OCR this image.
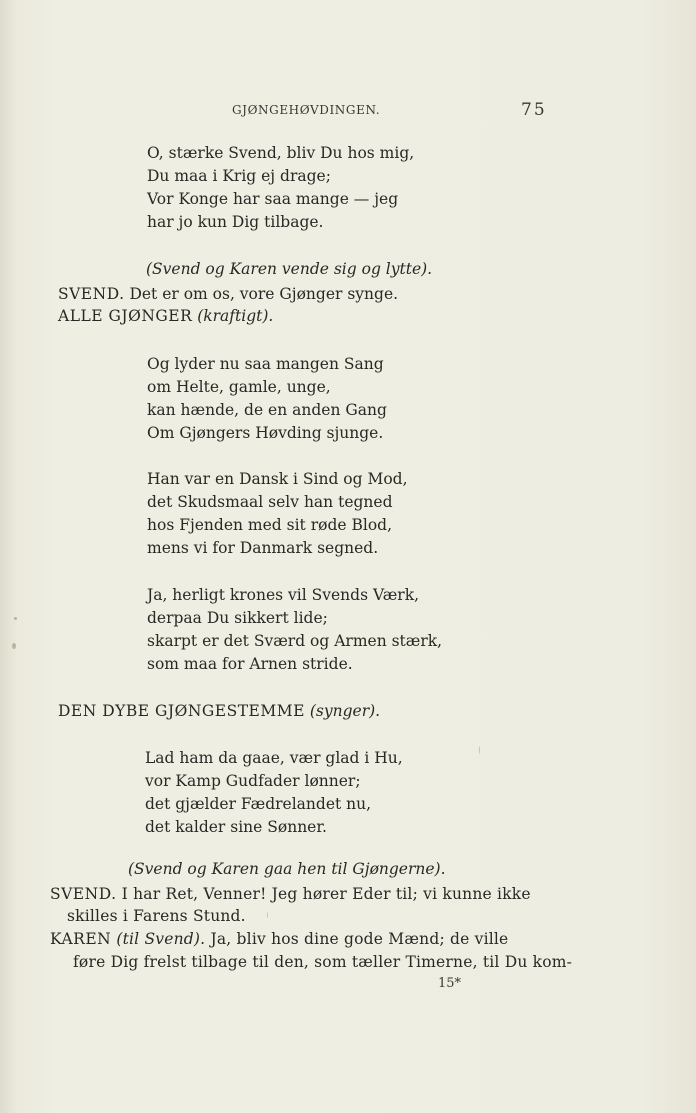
GJØNGEHØVDINGEN.	75
O, stærke Svend, bliv Du hos mig,
Du maa i Krig ej drage;
Vor Konge har saa mange — jeg
har jo kun Dig tilbage.
(Svend og Karen vende sig og lytte).
SVEND. Det er om os, vore Gjønger synge.
ALLE GJØNGER (kraftigt).
Og lyder nu saa mangen Sang
om Helte, gamle, unge,
kan hænde, de en anden Gang
Om Gjøngers Høvding sjunge.
Han var en Dansk i Sind og Mod,
det Skudsmaal selv han tegned
hos Fjenden med sit røde Blod,
mens vi for Danmark segned.
Ja, herligt krones vil Svends Værk,
derpaa Du sikkert lide;
skarpt er det Sværd og Armen stærk,
som maa for Arnen stride.
DEN DYBE GJØNGESTEMME (synger).
Lad ham da gaae, vær glad i Hu,
vor Kamp Gudfader lønner;
det gjælder Fædrelandet nu,
det kalder sine Sønner.
(Svend og Karen gaa hen til Gjøngerne).
SVEND. I har Ret, Venner! Jeg hører Eder til; vi kunne ikke
skilles i Farens Stund.
KAREN (til Svend). Ja, bliv hos dine gode Mænd; de ville
føre Dig frelst tilbage til den, som tæller Timerne, til Du kom-
15*
